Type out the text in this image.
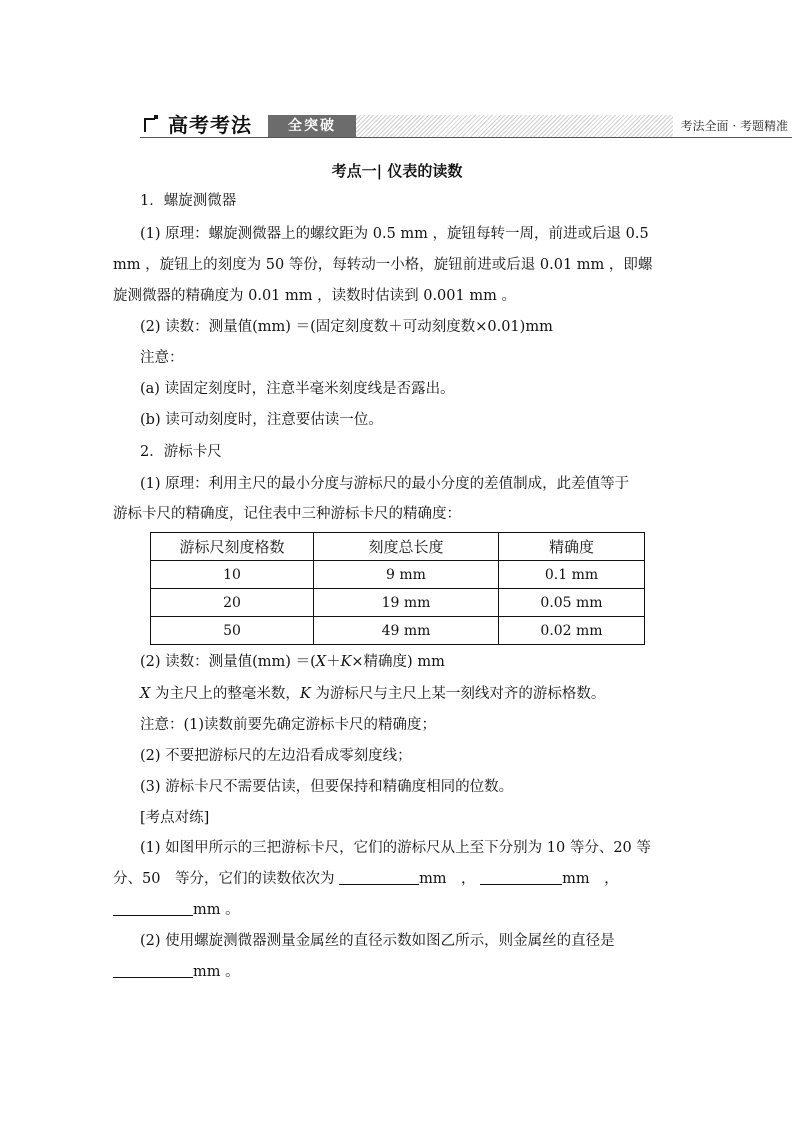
高考考法	全突破	考法全面 · 考题精准
考点一| 仪表的读数
1．螺旋测微器
(1) 原理：螺旋测微器上的螺纹距为 0.5 mm ，旋钮每转一周，前进或后退 0.5
mm ，旋钮上的刻度为 50 等份，每转动一小格，旋钮前进或后退 0.01 mm ，即螺
旋测微器的精确度为 0.01 mm ，读数时估读到 0.001 mm 。
(2) 读数：测量值(mm) ＝(固定刻度数＋可动刻度数×0.01)mm
注意：
(a) 读固定刻度时，注意半毫米刻度线是否露出。
(b) 读可动刻度时，注意要估读一位。
2．游标卡尺
(1) 原理：利用主尺的最小分度与游标尺的最小分度的差值制成，此差值等于
游标卡尺的精确度，记住表中三种游标卡尺的精确度：
游标尺刻度格数	刻度总长度	精确度
10	9 mm	0.1 mm
20	19 mm	0.05 mm
50	49 mm	0.02 mm
(2) 读数：测量值(mm) ＝(X＋K×精确度) mm
X 为主尺上的整毫米数，K 为游标尺与主尺上某一刻线对齐的游标格数。
注意：(1)读数前要先确定游标卡尺的精确度；
(2) 不要把游标尺的左边沿看成零刻度线；
(3) 游标卡尺不需要估读，但要保持和精确度相同的位数。
[考点对练]
(1) 如图甲所示的三把游标卡尺，它们的游标尺从上至下分别为 10 等分、20 等
分、50　等分，它们的读数依次为	mm　，	mm　，
mm 。
(2) 使用螺旋测微器测量金属丝的直径示数如图乙所示，则金属丝的直径是
mm 。
